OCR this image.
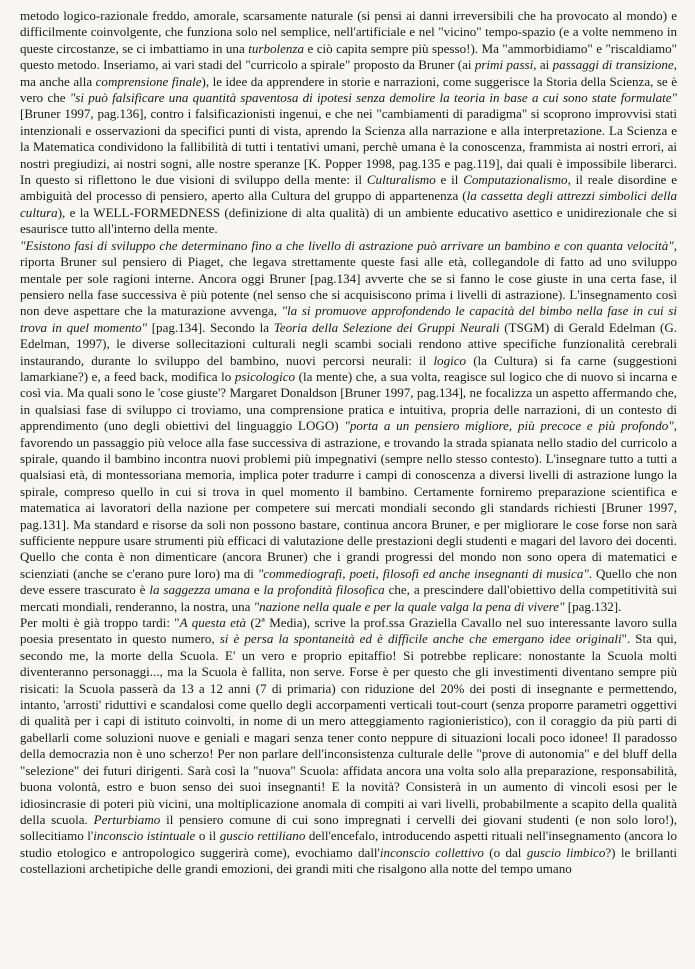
metodo logico-razionale freddo, amorale, scarsamente naturale (si pensi ai danni irreversibili che ha provocato al mondo) e difficilmente coinvolgente, che funziona solo nel semplice, nell'artificiale e nel "vicino" tempo-spazio (e a volte nemmeno in queste circostanze, se ci imbattiamo in una turbolenza e ciò capita sempre più spesso!). Ma "ammorbidiamo" e "riscaldiamo" questo metodo. Inseriamo, ai vari stadi del "curricolo a spirale" proposto da Bruner (ai primi passi, ai passaggi di transizione, ma anche alla comprensione finale), le idee da apprendere in storie e narrazioni, come suggerisce la Storia della Scienza, se è vero che "si può falsificare una quantità spaventosa di ipotesi senza demolire la teoria in base a cui sono state formulate" [Bruner 1997, pag.136], contro i falsificazionisti ingenui, e che nei "cambiamenti di paradigma" si scoprono improvvisi stati intenzionali e osservazioni da specifici punti di vista, aprendo la Scienza alla narrazione e alla interpretazione. La Scienza e la Matematica condividono la fallibilità di tutti i tentativi umani, perchè umana è la conoscenza, frammista ai nostri errori, ai nostri pregiudizi, ai nostri sogni, alle nostre speranze [K. Popper 1998, pag.135 e pag.119], dai quali è impossibile liberarci. In questo si riflettono le due visioni di sviluppo della mente: il Culturalismo e il Computazionalismo, il reale disordine e ambiguità del processo di pensiero, aperto alla Cultura del gruppo di appartenenza (la cassetta degli attrezzi simbolici della cultura), e la WELL-FORMEDNESS (definizione di alta qualità) di un ambiente educativo asettico e unidirezionale che si esaurisce tutto all'interno della mente.

"Esistono fasi di sviluppo che determinano fino a che livello di astrazione può arrivare un bambino e con quanta velocità", riporta Bruner sul pensiero di Piaget, che legava strettamente queste fasi alle età, collegandole di fatto ad uno sviluppo mentale per sole ragioni interne. Ancora oggi Bruner [pag.134] avverte che se si fanno le cose giuste in una certa fase, il pensiero nella fase successiva è più potente (nel senso che si acquisiscono prima i livelli di astrazione). L'insegnamento così non deve aspettare che la maturazione avvenga, "la si promuove approfondendo le capacità del bimbo nella fase in cui si trova in quel momento" [pag.134]. Secondo la Teoria della Selezione dei Gruppi Neurali (TSGM) di Gerald Edelman (G. Edelman, 1997), le diverse sollecitazioni culturali negli scambi sociali rendono attive specifiche funzionalità cerebrali instaurando, durante lo sviluppo del bambino, nuovi percorsi neurali: il logico (la Cultura) si fa carne (suggestioni lamarkiane?) e, a feed back, modifica lo psicologico (la mente) che, a sua volta, reagisce sul logico che di nuovo si incarna e così via. Ma quali sono le 'cose giuste'? Margaret Donaldson [Bruner 1997, pag.134], ne focalizza un aspetto affermando che, in qualsiasi fase di sviluppo ci troviamo, una comprensione pratica e intuitiva, propria delle narrazioni, di un contesto di apprendimento (uno degli obiettivi del linguaggio LOGO) "porta a un pensiero migliore, più precoce e più profondo", favorendo un passaggio più veloce alla fase successiva di astrazione, e trovando la strada spianata nello stadio del curricolo a spirale, quando il bambino incontra nuovi problemi più impegnativi (sempre nello stesso contesto). L'insegnare tutto a tutti a qualsiasi età, di montessoriana memoria, implica poter tradurre i campi di conoscenza a diversi livelli di astrazione lungo la spirale, compreso quello in cui si trova in quel momento il bambino. Certamente forniremo preparazione scientifica e matematica ai lavoratori della nazione per competere sui mercati mondiali secondo gli standards richiesti [Bruner 1997, pag.131]. Ma standard e risorse da soli non possono bastare, continua ancora Bruner, e per migliorare le cose forse non sarà sufficiente neppure usare strumenti più efficaci di valutazione delle prestazioni degli studenti e magari del lavoro dei docenti. Quello che conta è non dimenticare (ancora Bruner) che i grandi progressi del mondo non sono opera di matematici e scienziati (anche se c'erano pure loro) ma di "commediografi, poeti, filosofi ed anche insegnanti di musica". Quello che non deve essere trascurato è la saggezza umana e la profondità filosofica che, a prescindere dall'obiettivo della competitività sui mercati mondiali, renderanno, la nostra, una "nazione nella quale e per la quale valga la pena di vivere" [pag.132].

Per molti è già troppo tardi: "A questa età (2ª Media), scrive la prof.ssa Graziella Cavallo nel suo interessante lavoro sulla poesia presentato in questo numero, si è persa la spontaneità ed è difficile anche che emergano idee originali". Sta qui, secondo me, la morte della Scuola. E' un vero e proprio epitaffio! Si potrebbe replicare: nonostante la Scuola molti diventeranno personaggi..., ma la Scuola è fallita, non serve. Forse è per questo che gli investimenti diventano sempre più risicati: la Scuola passerà da 13 a 12 anni (7 di primaria) con riduzione del 20% dei posti di insegnante e permettendo, intanto, 'arrosti' riduttivi e scandalosi come quello degli accorpamenti verticali tout-court (senza proporre parametri oggettivi di qualità per i capi di istituto coinvolti, in nome di un mero atteggiamento ragionieristico), con il coraggio da più parti di gabellarli come soluzioni nuove e geniali e magari senza tener conto neppure di situazioni locali poco idonee! Il paradosso della democrazia non è uno scherzo! Per non parlare dell'inconsistenza culturale delle "prove di autonomia" e del bluff della "selezione" dei futuri dirigenti. Sarà così la "nuova" Scuola: affidata ancora una volta solo alla preparazione, responsabilità, buona volontà, estro e buon senso dei suoi insegnanti! E la novità? Consisterà in un aumento di vincoli esosi per le idiosincrasie di poteri più vicini, una moltiplicazione anomala di compiti ai vari livelli, probabilmente a scapito della qualità della scuola. Perturbiamo il pensiero comune di cui sono impregnati i cervelli dei giovani studenti (e non solo loro!), sollecitiamo l'inconscio istintuale o il guscio rettiliano dell'encefalo, introducendo aspetti rituali nell'insegnamento (ancora lo studio etologico e antropologico suggerirà come), evochiamo dall'inconscio collettivo (o dal guscio limbico?) le brillanti costellazioni archetipiche delle grandi emozioni, dei grandi miti che risalgono alla notte del tempo umano
